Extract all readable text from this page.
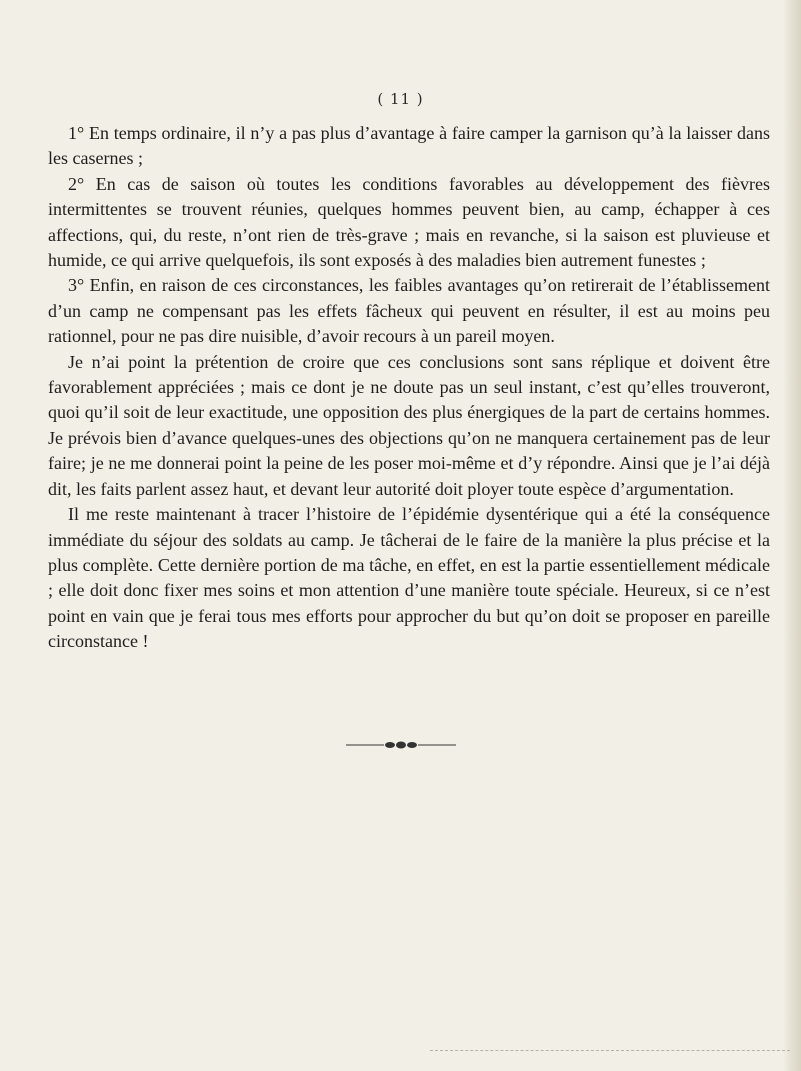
( 11 )

1° En temps ordinaire, il n’y a pas plus d’avantage à faire camper la garnison qu’à la laisser dans les casernes ;

2° En cas de saison où toutes les conditions favorables au développement des fièvres intermittentes se trouvent réunies, quelques hommes peuvent bien, au camp, échapper à ces affections, qui, du reste, n’ont rien de très-grave ; mais en revanche, si la saison est pluvieuse et humide, ce qui arrive quelquefois, ils sont exposés à des maladies bien autrement funestes ;

3° Enfin, en raison de ces circonstances, les faibles avantages qu’on retirerait de l’établissement d’un camp ne compensant pas les effets fâcheux qui peuvent en résulter, il est au moins peu rationnel, pour ne pas dire nuisible, d’avoir recours à un pareil moyen.

Je n’ai point la prétention de croire que ces conclusions sont sans réplique et doivent être favorablement appréciées ; mais ce dont je ne doute pas un seul instant, c’est qu’elles trouveront, quoi qu’il soit de leur exactitude, une opposition des plus énergiques de la part de certains hommes. Je prévois bien d’avance quelques-unes des objections qu’on ne manquera certainement pas de leur faire; je ne me donnerai point la peine de les poser moi-même et d’y répondre. Ainsi que je l’ai déjà dit, les faits parlent assez haut, et devant leur autorité doit ployer toute espèce d’argumentation.

Il me reste maintenant à tracer l’histoire de l’épidémie dysentérique qui a été la conséquence immédiate du séjour des soldats au camp. Je tâcherai de le faire de la manière la plus précise et la plus complète. Cette dernière portion de ma tâche, en effet, en est la partie essentiellement médicale ; elle doit donc fixer mes soins et mon attention d’une manière toute spéciale. Heureux, si ce n’est point en vain que je ferai tous mes efforts pour approcher du but qu’on doit se proposer en pareille circonstance !
